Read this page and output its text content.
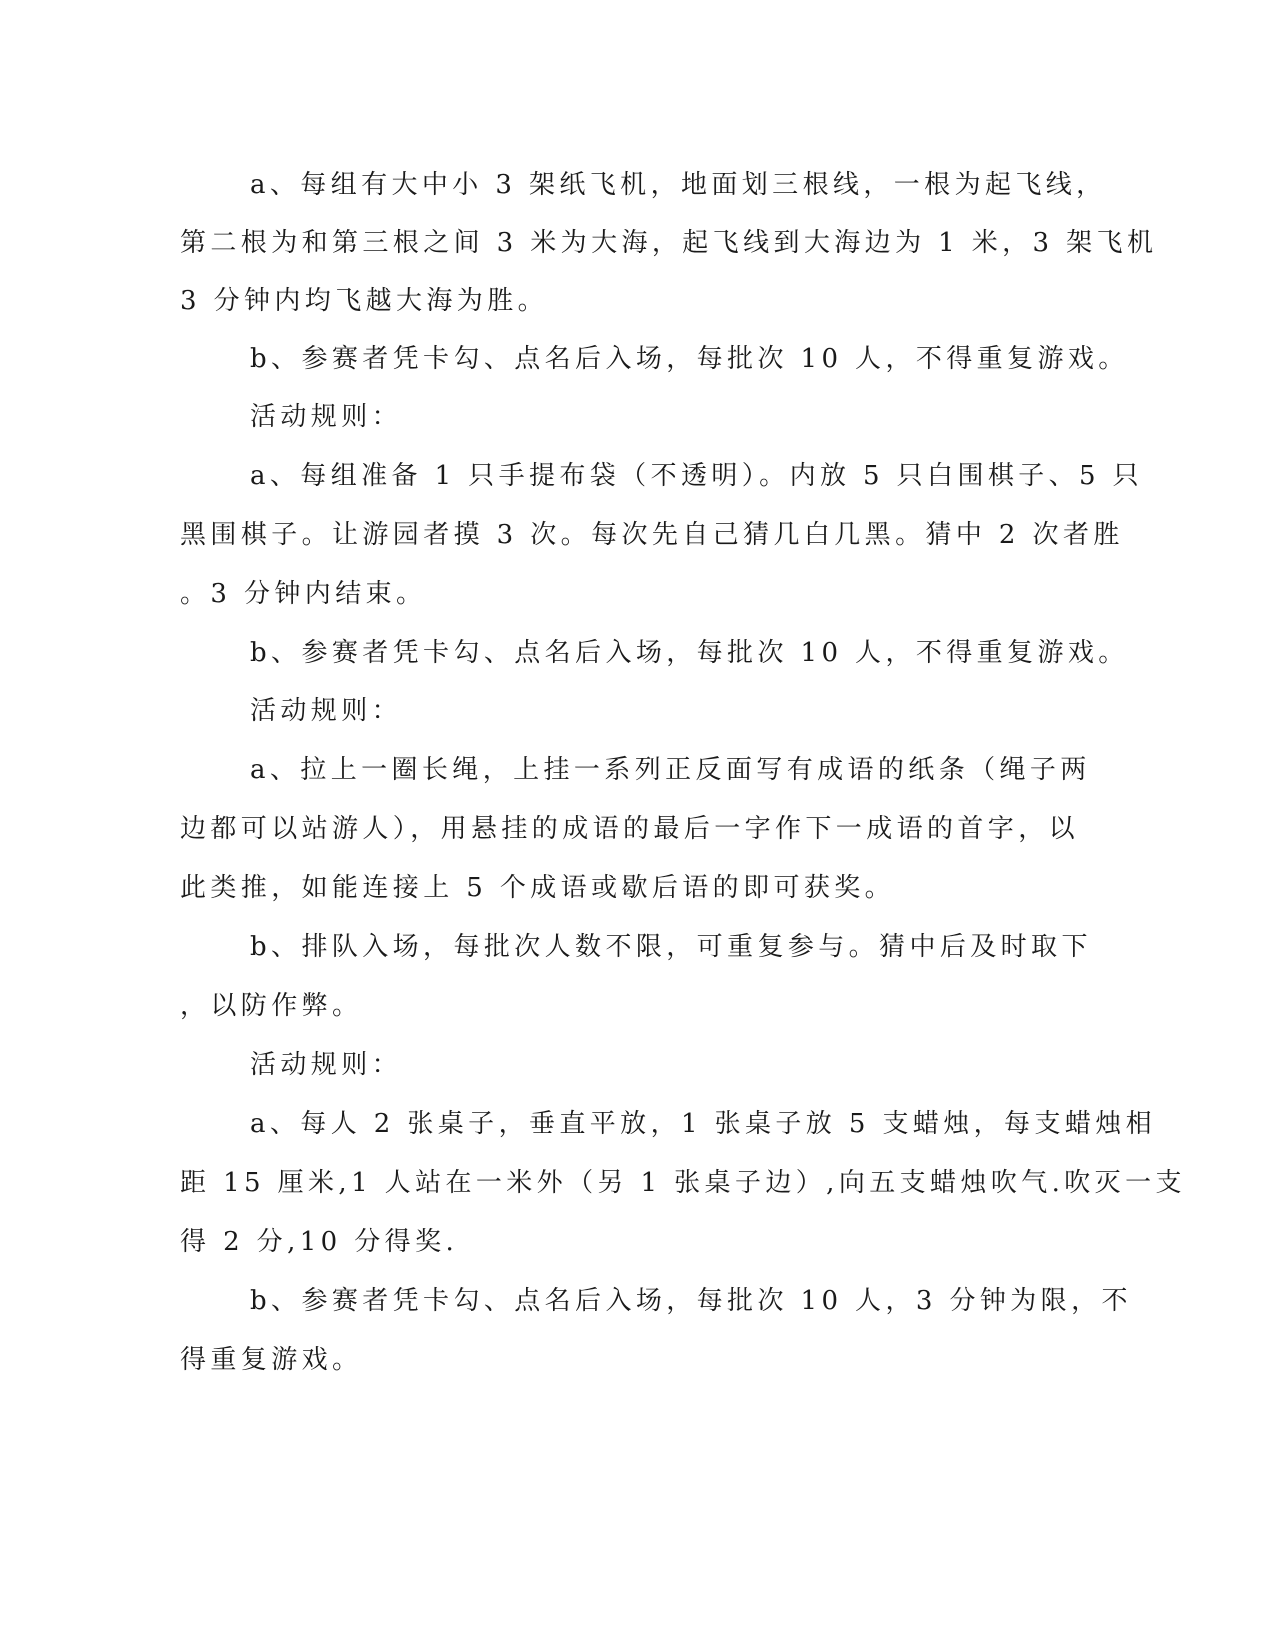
a、每组有大中小 3 架纸飞机，地面划三根线，一根为起飞线，
第二根为和第三根之间 3 米为大海，起飞线到大海边为 1 米，3 架飞机
3 分钟内均飞越大海为胜。
b、参赛者凭卡勾、点名后入场，每批次 10 人，不得重复游戏。
活动规则：
a、每组准备 1 只手提布袋（不透明）。内放 5 只白围棋子、5 只
黑围棋子。让游园者摸 3 次。每次先自己猜几白几黑。猜中 2 次者胜
。3 分钟内结束。
b、参赛者凭卡勾、点名后入场，每批次 10 人，不得重复游戏。
活动规则：
a、拉上一圈长绳，上挂一系列正反面写有成语的纸条（绳子两
边都可以站游人），用悬挂的成语的最后一字作下一成语的首字，以
此类推，如能连接上 5 个成语或歇后语的即可获奖。
b、排队入场，每批次人数不限，可重复参与。猜中后及时取下
，以防作弊。
活动规则：
a、每人 2 张桌子，垂直平放，1 张桌子放 5 支蜡烛，每支蜡烛相
距 15 厘米,1 人站在一米外（另 1 张桌子边）,向五支蜡烛吹气.吹灭一支
得 2 分,10 分得奖.
b、参赛者凭卡勾、点名后入场，每批次 10 人，3 分钟为限，不
得重复游戏。
